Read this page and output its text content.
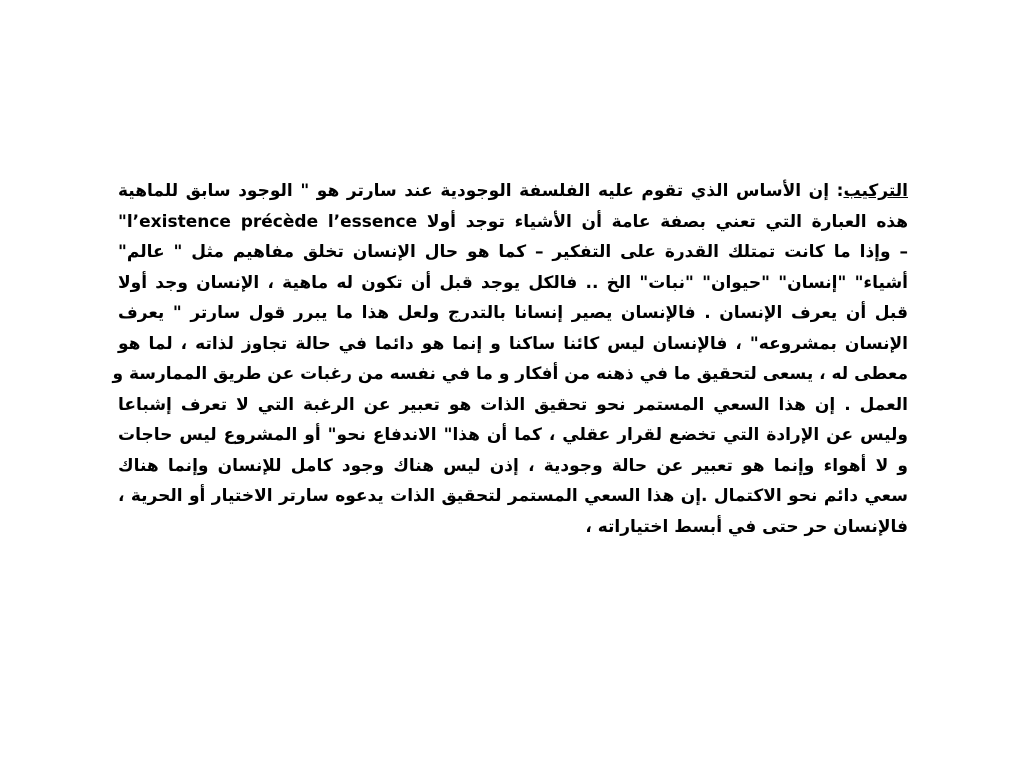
التركيب: إن الأساس الذي تقوم عليه الفلسفة الوجودية عند سارتر هو " الوجود سابق للماهية
هذه العبارة التي تعني بصفة عامة أن الأشياء توجد أولا l’existence précède l’essence"
– وإذا ما كانت تمتلك القدرة على التفكير – كما هو حال الإنسان تخلق مفاهيم مثل " عالم"
أشياء" "إنسان" "حيوان" "نبات" الخ .. فالكل يوجد قبل أن تكون له ماهية ، الإنسان وجد أولا
قبل أن يعرف الإنسان . فالإنسان يصير إنسانا بالتدرج ولعل هذا ما يبرر قول سارتر " يعرف
الإنسان بمشروعه" ، فالإنسان ليس كائنا ساكنا و إنما هو دائما في حالة تجاوز لذاته ، لما هو
معطى له ، يسعى لتحقيق ما في ذهنه من أفكار و ما في نفسه من رغبات عن طريق الممارسة و
العمل . إن هذا السعي المستمر نحو تحقيق الذات هو تعبير عن الرغبة التي لا تعرف إشباعا
وليس عن الإرادة التي تخضع لقرار عقلي ، كما أن هذا" الاندفاع نحو" أو المشروع ليس حاجات
و لا أهواء وإنما هو تعبير عن حالة وجودية ، إذن ليس هناك وجود كامل للإنسان وإنما هناك
سعي دائم نحو الاكتمال .إن هذا السعي المستمر لتحقيق الذات يدعوه سارتر الاختيار أو الحرية ،
فالإنسان حر حتى في أبسط اختياراته ،
